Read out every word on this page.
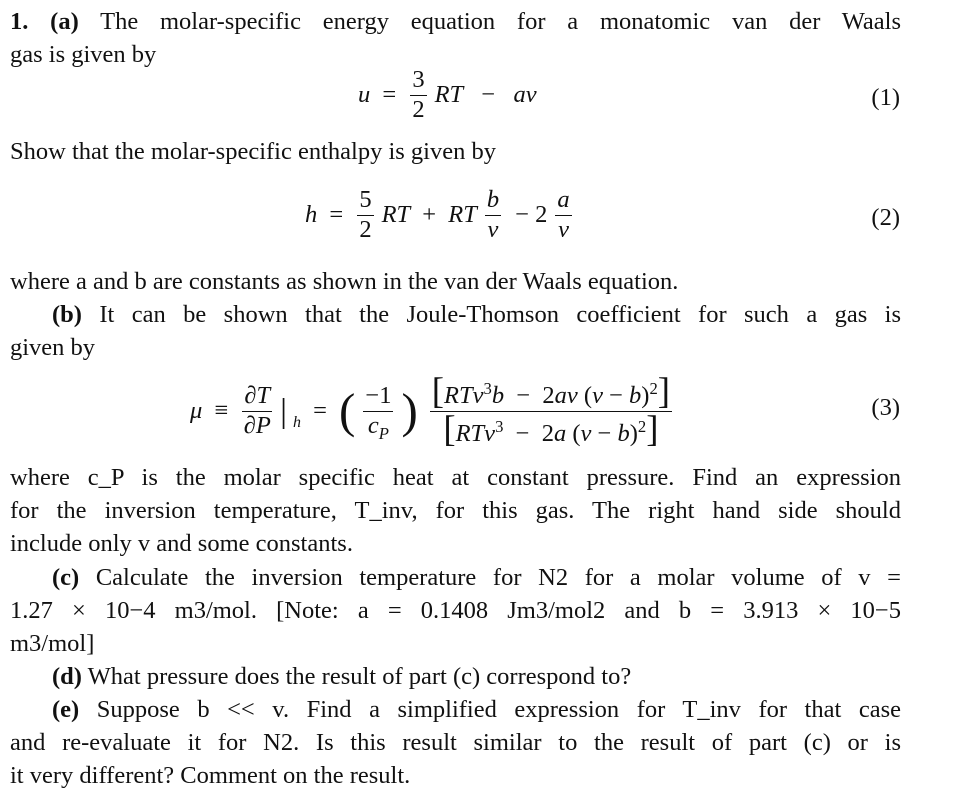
1. (a) The molar-specific energy equation for a monatomic van der Waals
gas is given by
$u = \frac{3}{2}$ RT − av	(1)
Show that the molar-specific enthalpy is given by
$h = \frac{5}{2}$ RT + RT $\frac{b}{v} - 2 \frac{a}{v}$	(2)
where a and b are constants as shown in the van der Waals equation.
(b) It can be shown that the Joule-Thomson coefficient for such a gas is
given by
$\mu \equiv \frac{\partial T}{\partial P}$ | h = ( $\frac{-1}{c_P}$ ) $\frac{[RTv^3b - 2av (v - b)^2]}{[RTv^3 - 2a (v - b)^2]}$	(3)
where c_P is the molar specific heat at constant pressure. Find an expression
for the inversion temperature, T_inv, for this gas. The right hand side should
include only v and some constants.
(c) Calculate the inversion temperature for N2 for a molar volume of v =
1.27 × 10−4 m3/mol. [Note: a = 0.1408 Jm3/mol2 and b = 3.913 × 10−5
m3/mol]
(d) What pressure does the result of part (c) correspond to?
(e) Suppose b << v. Find a simplified expression for T_inv for that case
and re-evaluate it for N2. Is this result similar to the result of part (c) or is
it very different? Comment on the result.
